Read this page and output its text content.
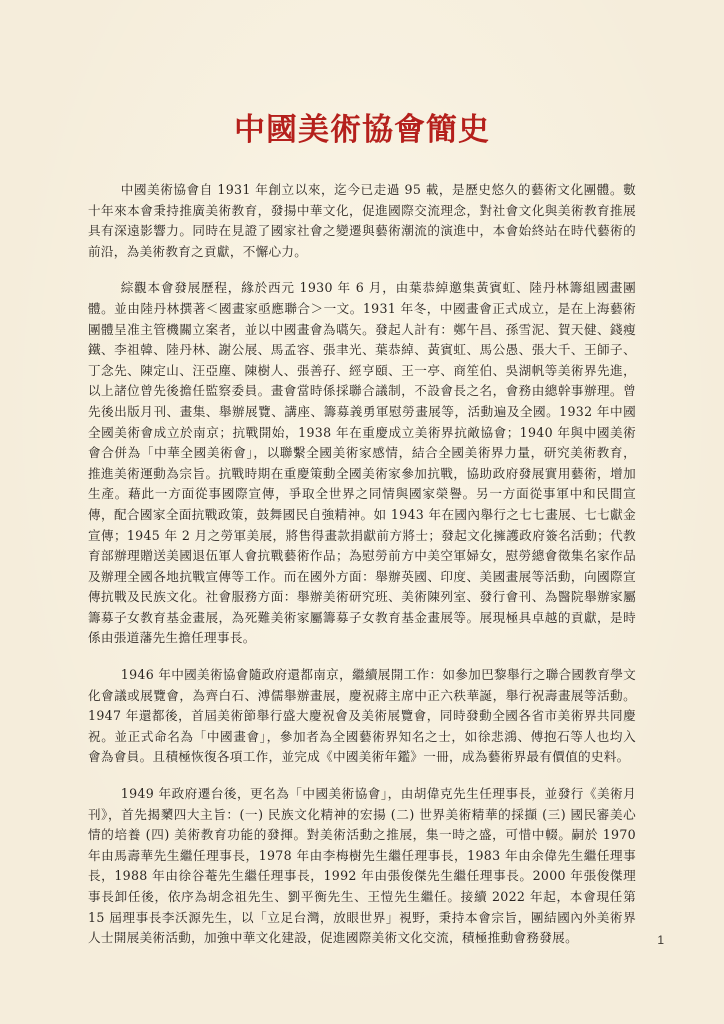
中國美術協會簡史

中國美術協會自 1931 年創立以來，迄今已走過 95 載，是歷史悠久的藝術文化團體。數十年來本會秉持推廣美術教育，發揚中華文化，促進國際交流理念，對社會文化與美術教育推展具有深遠影響力。同時在見證了國家社會之變遷與藝術潮流的演進中，本會始終站在時代藝術的前沿，為美術教育之貢獻，不懈心力。

綜觀本會發展歷程，緣於西元 1930 年 6 月，由葉恭綽邀集黃賓虹、陸丹林籌組國畫團體。並由陸丹林撰著＜國畫家亟應聯合＞一文。1931 年冬，中國畫會正式成立，是在上海藝術團體呈准主管機關立案者，並以中國畫會為嚆矢。發起人計有：鄭午昌、孫雪泥、賀天健、錢瘦鐵、李祖韓、陸丹林、謝公展、馬孟容、張聿光、葉恭綽、黃賓虹、馬公愚、張大千、王師子、丁念先、陳定山、汪亞塵、陳樹人、張善孖、經亨頤、王一亭、商笙伯、吳湖帆等美術界先進，以上諸位曾先後擔任監察委員。畫會當時係採聯合議制，不設會長之名，會務由總幹事辦理。曾先後出版月刊、畫集、舉辦展覽、講座、籌募義勇軍慰勞畫展等，活動遍及全國。1932 年中國全國美術會成立於南京；抗戰開始，1938 年在重慶成立美術界抗敵協會；1940 年與中國美術會合併為「中華全國美術會」，以聯繫全國美術家感情，結合全國美術界力量，研究美術教育，推進美術運動為宗旨。抗戰時期在重慶策動全國美術家參加抗戰，協助政府發展實用藝術，增加生產。藉此一方面從事國際宣傳，爭取全世界之同情與國家榮譽。另一方面從事軍中和民間宣傳，配合國家全面抗戰政策，鼓舞國民自強精神。如 1943 年在國內舉行之七七畫展、七七獻金宣傳；1945 年 2 月之勞軍美展，將售得畫款捐獻前方將士；發起文化擁護政府簽名活動；代教育部辦理贈送美國退伍軍人會抗戰藝術作品；為慰勞前方中美空軍婦女，慰勞總會徵集名家作品及辦理全國各地抗戰宣傳等工作。而在國外方面：舉辦英國、印度、美國畫展等活動，向國際宣傳抗戰及民族文化。社會服務方面：舉辦美術研究班、美術陳列室、發行會刊、為醫院舉辦家屬籌募子女教育基金畫展，為死難美術家屬籌募子女教育基金畫展等。展現極具卓越的貢獻，是時係由張道藩先生擔任理事長。

1946 年中國美術協會隨政府還都南京，繼續展開工作：如參加巴黎舉行之聯合國教育學文化會議或展覽會，為齊白石、溥儒舉辦畫展，慶祝蔣主席中正六秩華誕，舉行祝壽畫展等活動。1947 年還都後，首屆美術節舉行盛大慶祝會及美術展覽會，同時發動全國各省市美術界共同慶祝。並正式命名為「中國畫會」，參加者為全國藝術界知名之士，如徐悲鴻、傅抱石等人也均入會為會員。且積極恢復各項工作，並完成《中國美術年鑑》一冊，成為藝術界最有價值的史料。

1949 年政府遷台後，更名為「中國美術協會」，由胡偉克先生任理事長，並發行《美術月刊》，首先揭櫫四大主旨：(一) 民族文化精神的宏揚 (二) 世界美術精華的採擷 (三) 國民審美心情的培養 (四) 美術教育功能的發揮。對美術活動之推展，集一時之盛，可惜中輟。嗣於 1970 年由馬壽華先生繼任理事長，1978 年由李梅樹先生繼任理事長，1983 年由余偉先生繼任理事長，1988 年由徐谷菴先生繼任理事長，1992 年由張俊傑先生繼任理事長。2000 年張俊傑理事長卸任後，依序為胡念祖先生、劉平衡先生、王愷先生繼任。接續 2022 年起，本會現任第 15 屆理事長李沃源先生，以「立足台灣，放眼世界」視野，秉持本會宗旨，團結國內外美術界人士開展美術活動，加強中華文化建設，促進國際美術文化交流，積極推動會務發展。	1
